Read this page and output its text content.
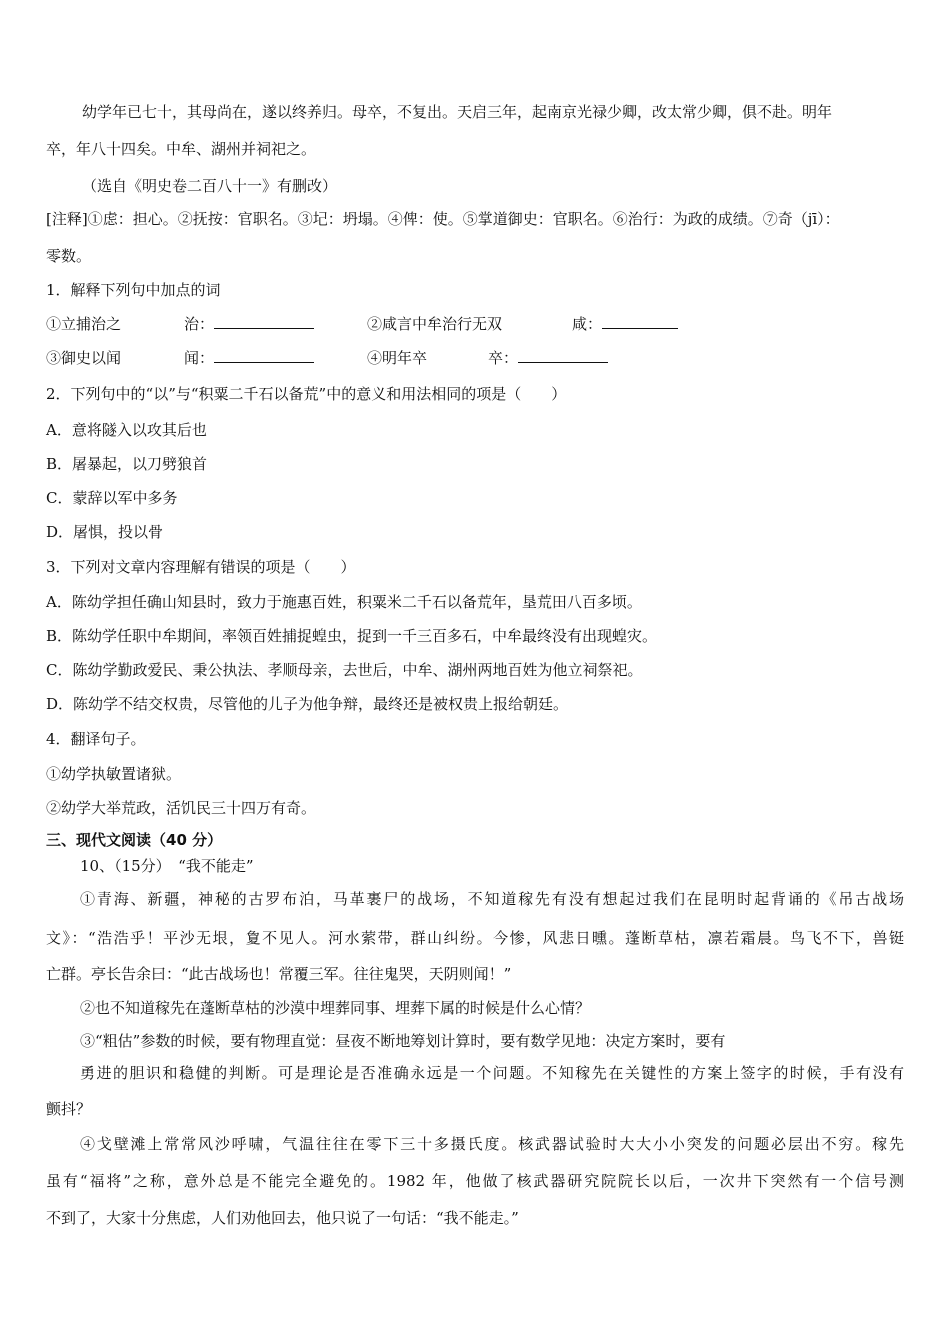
幼学年已七十，其母尚在，遂以终养归。母卒，不复出。天启三年，起南京光禄少卿，改太常少卿，俱不赴。明年
卒，年八十四矣。中牟、湖州并祠祀之。
（选自《明史卷二百八十一》有删改）
[注释]①虑：担心。②抚按：官职名。③圮：坍塌。④俾：使。⑤掌道御史：官职名。⑥治行：为政的成绩。⑦奇（jī）：
零数。
1．解释下列句中加点的词
①立捕治之	治：	②咸言中牟治行无双	咸：
③御史以闻	闻：	④明年卒	卒：
2．下列句中的“以”与“积粟二千石以备荒”中的意义和用法相同的项是（　　）
A．意将隧入以攻其后也
B．屠暴起，以刀劈狼首
C．蒙辞以军中多务
D．屠惧，投以骨
3．下列对文章内容理解有错误的项是（　　）
A．陈幼学担任确山知县时，致力于施惠百姓，积粟米二千石以备荒年，垦荒田八百多顷。
B．陈幼学任职中牟期间，率领百姓捕捉蝗虫，捉到一千三百多石，中牟最终没有出现蝗灾。
C．陈幼学勤政爱民、秉公执法、孝顺母亲，去世后，中牟、湖州两地百姓为他立祠祭祀。
D．陈幼学不结交权贵，尽管他的儿子为他争辩，最终还是被权贵上报给朝廷。
4．翻译句子。
①幼学执敏置诸狱。
②幼学大举荒政，活饥民三十四万有奇。
三、现代文阅读（40 分）
10、（15分）　“我不能走”
①青海、新疆，神秘的古罗布泊，马革裹尸的战场，不知道稼先有没有想起过我们在昆明时起背诵的《吊古战场
文》：“浩浩乎！平沙无垠，夐不见人。河水萦带，群山纠纷。今惨，风悲日曛。蓬断草枯，凛若霜晨。鸟飞不下，兽铤
亡群。亭长告余曰：“此古战场也！常覆三军。往往鬼哭，天阴则闻！”
②也不知道稼先在蓬断草枯的沙漠中埋葬同事、埋葬下属的时候是什么心情？
③“粗估”参数的时候，要有物理直觉：昼夜不断地筹划计算时，要有数学见地：决定方案时，要有
勇进的胆识和稳健的判断。可是理论是否准确永远是一个问题。不知稼先在关键性的方案上签字的时候，手有没有
颤抖？
④戈壁滩上常常风沙呼啸，气温往往在零下三十多摄氏度。核武器试验时大大小小突发的问题必层出不穷。稼先
虽有“福将”之称，意外总是不能完全避免的。1982 年，他做了核武器研究院院长以后，一次井下突然有一个信号测
不到了，大家十分焦虑，人们劝他回去，他只说了一句话：“我不能走。”
